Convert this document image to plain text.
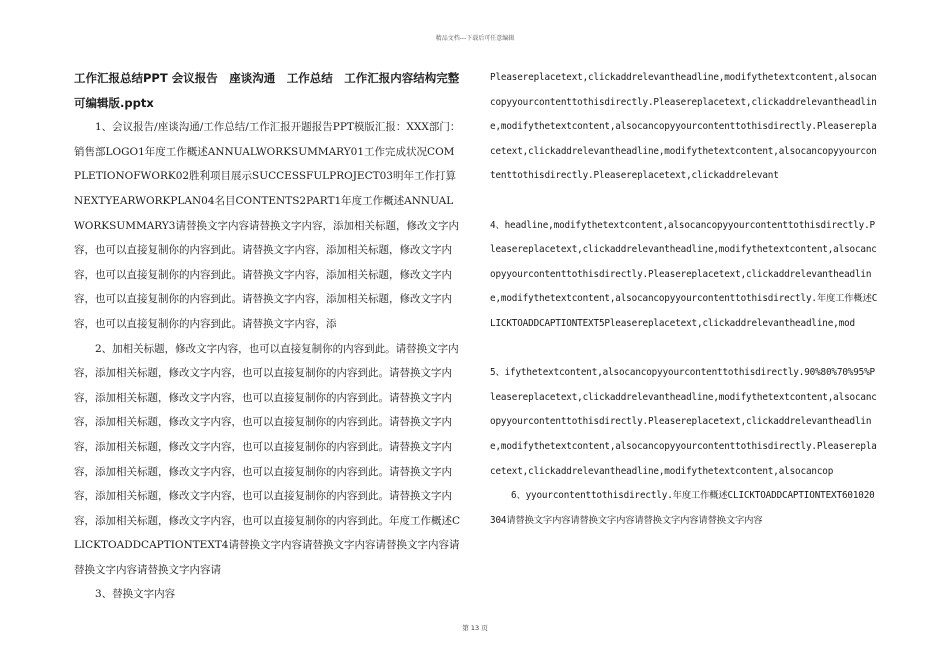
精品文档---下载后可任意编辑
工作汇报总结PPT 会议报告　座谈沟通　工作总结　工作汇报内容结构完整可编辑版.pptx

1、会议报告/座谈沟通/工作总结/工作汇报开题报告PPT模版汇报：XXX部门：销售部LOGO1年度工作概述ANNUALWORKSUMMARY01工作完成状况COMPLETIONOFWORK02胜利项目展示SUCCESSFULPROJECT03明年工作打算NEXTYEARWORKPLAN04名目CONTENTS2PART1年度工作概述ANNUALWORKSUMMARY3请替换文字内容请替换文字内容，添加相关标题，修改文字内容，也可以直接复制你的内容到此。请替换文字内容，添加相关标题，修改文字内容，也可以直接复制你的内容到此。请替换文字内容，添加相关标题，修改文字内容，也可以直接复制你的内容到此。请替换文字内容，添加相关标题，修改文字内容，也可以直接复制你的内容到此。请替换文字内容，添

2、加相关标题，修改文字内容，也可以直接复制你的内容到此。请替换文字内容，添加相关标题，修改文字内容，也可以直接复制你的内容到此。请替换文字内容，添加相关标题，修改文字内容，也可以直接复制你的内容到此。请替换文字内容，添加相关标题，修改文字内容，也可以直接复制你的内容到此。请替换文字内容，添加相关标题，修改文字内容，也可以直接复制你的内容到此。请替换文字内容，添加相关标题，修改文字内容，也可以直接复制你的内容到此。请替换文字内容，添加相关标题，修改文字内容，也可以直接复制你的内容到此。请替换文字内容，添加相关标题，修改文字内容，也可以直接复制你的内容到此。年度工作概述CLICKTOADDCAPTIONTEXT4请替换文字内容请替换文字内容请替换文字内容请替换文字内容请替换文字内容请

3、替换文字内容

Pleasereplacetext,clickaddrelevantheadline,modifythetextcontent,alsocancopyyourcontenttothisdirectly.Pleasereplacetext,clickaddrelevantheadline,modifythetextcontent,alsocancopyyourcontenttothisdirectly.Pleasereplacetext,clickaddrelevantheadline,modifythetextcontent,alsocancopyyourcontenttothisdirectly.Pleasereplacetext,clickaddrelevant

4、headline,modifythetextcontent,alsocancopyyourcontenttothisdirectly.Pleasereplacetext,clickaddrelevantheadline,modifythetextcontent,alsocancopyyourcontenttothisdirectly.Pleasereplacetext,clickaddrelevantheadline,modifythetextcontent,alsocancopyyourcontenttothisdirectly.年度工作概述CLICKTOADDCAPTIONTEXT5Pleasereplacetext,clickaddrelevantheadline,mod

5、ifythetextcontent,alsocancopyyourcontenttothisdirectly.90%80%70%95%Pleasereplacetext,clickaddrelevantheadline,modifythetextcontent,alsocancopyyourcontenttothisdirectly.Pleasereplacetext,clickaddrelevantheadline,modifythetextcontent,alsocancopyyourcontenttothisdirectly.Pleasereplacetext,clickaddrelevantheadline,modifythetextcontent,alsocancop

6、yyourcontenttothisdirectly.年度工作概述CLICKTOADDCAPTIONTEXT601020304请替换文字内容请替换文字内容请替换文字内容请替换文字内容

第 13 页
